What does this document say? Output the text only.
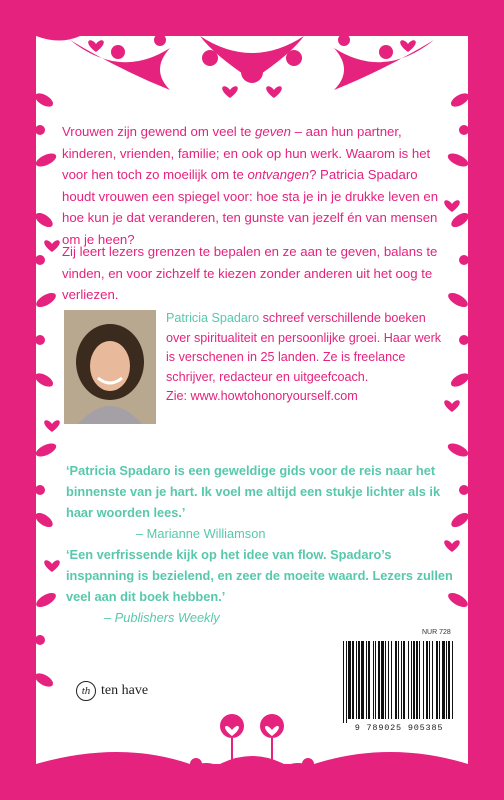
Vrouwen zijn gewend om veel te geven – aan hun partner, kinderen, vrienden, familie; en ook op hun werk. Waarom is het voor hen toch zo moeilijk om te ontvangen? Patricia Spadaro houdt vrouwen een spiegel voor: hoe sta je in je drukke leven en hoe kun je dat veranderen, ten gunste van jezelf én van mensen om je heen?
Zij leert lezers grenzen te bepalen en ze aan te geven, balans te vinden, en voor zichzelf te kiezen zonder anderen uit het oog te verliezen.
Patricia Spadaro schreef verschillende boeken over spiritualiteit en persoonlijke groei. Haar werk is verschenen in 25 landen. Ze is freelance schrijver, redacteur en uitgeefcoach.
Zie: www.howtohonoryourself.com
‘Patricia Spadaro is een geweldige gids voor de reis naar het binnenste van je hart. Ik voel me altijd een stukje lichter als ik haar woorden lees.’
– Marianne Williamson
‘Een verfrissende kijk op het idee van flow. Spadaro’s inspanning is bezielend, en zeer de moeite waard. Lezers zullen veel aan dit boek hebben.’
– Publishers Weekly
th ten have
NUR 728
9 789025 905385
